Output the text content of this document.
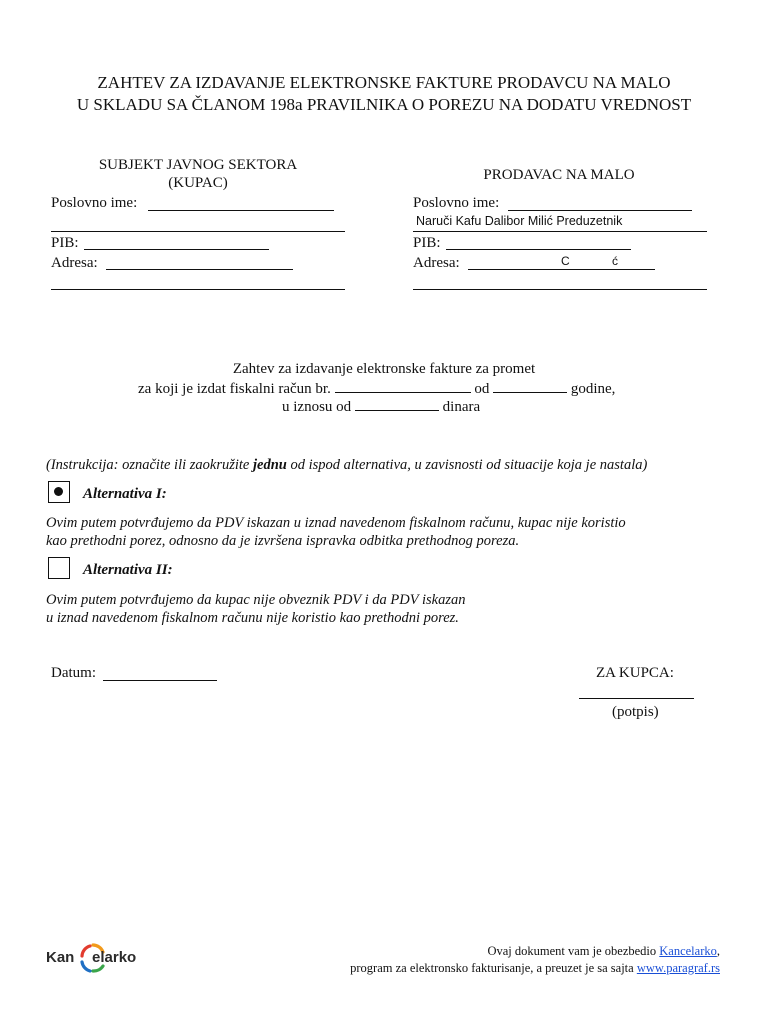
ZAHTEV ZA IZDAVANJE ELEKTRONSKE FAKTURE PRODAVCU NA MALO
U SKLADU SA ČLANOM 198a PRAVILNIKA O POREZU NA DODATU VREDNOST
SUBJEKT JAVNOG SEKTORA
(KUPAC)
Poslovno ime:
PIB:
Adresa:
PRODAVAC NA MALO
Poslovno ime:
Naruči Kafu Dalibor Milić Preduzetnik
PIB:
Adresa:	C	ć
Zahtev za izdavanje elektronske fakture za promet
za koji je izdat fiskalni račun br.	od	godine,
u iznosu od	dinara
(Instrukcija: označite ili zaokružite jednu od ispod alternativa, u zavisnosti od situacije koja je nastala)
Alternativa I:
Ovim putem potvrđujemo da PDV iskazan u iznad navedenom fiskalnom računu, kupac nije koristio
kao prethodni porez, odnosno da je izvršena ispravka odbitka prethodnog poreza.
Alternativa II:
Ovim putem potvrđujemo da kupac nije obveznik PDV i da PDV iskazan
u iznad navedenom fiskalnom računu nije koristio kao prethodni porez.
Datum:	ZA KUPCA:
(potpis)
Kan elarko	Ovaj dokument vam je obezbedio Kancelarko,
program za elektronsko fakturisanje, a preuzet je sa sajta www.paragraf.rs
